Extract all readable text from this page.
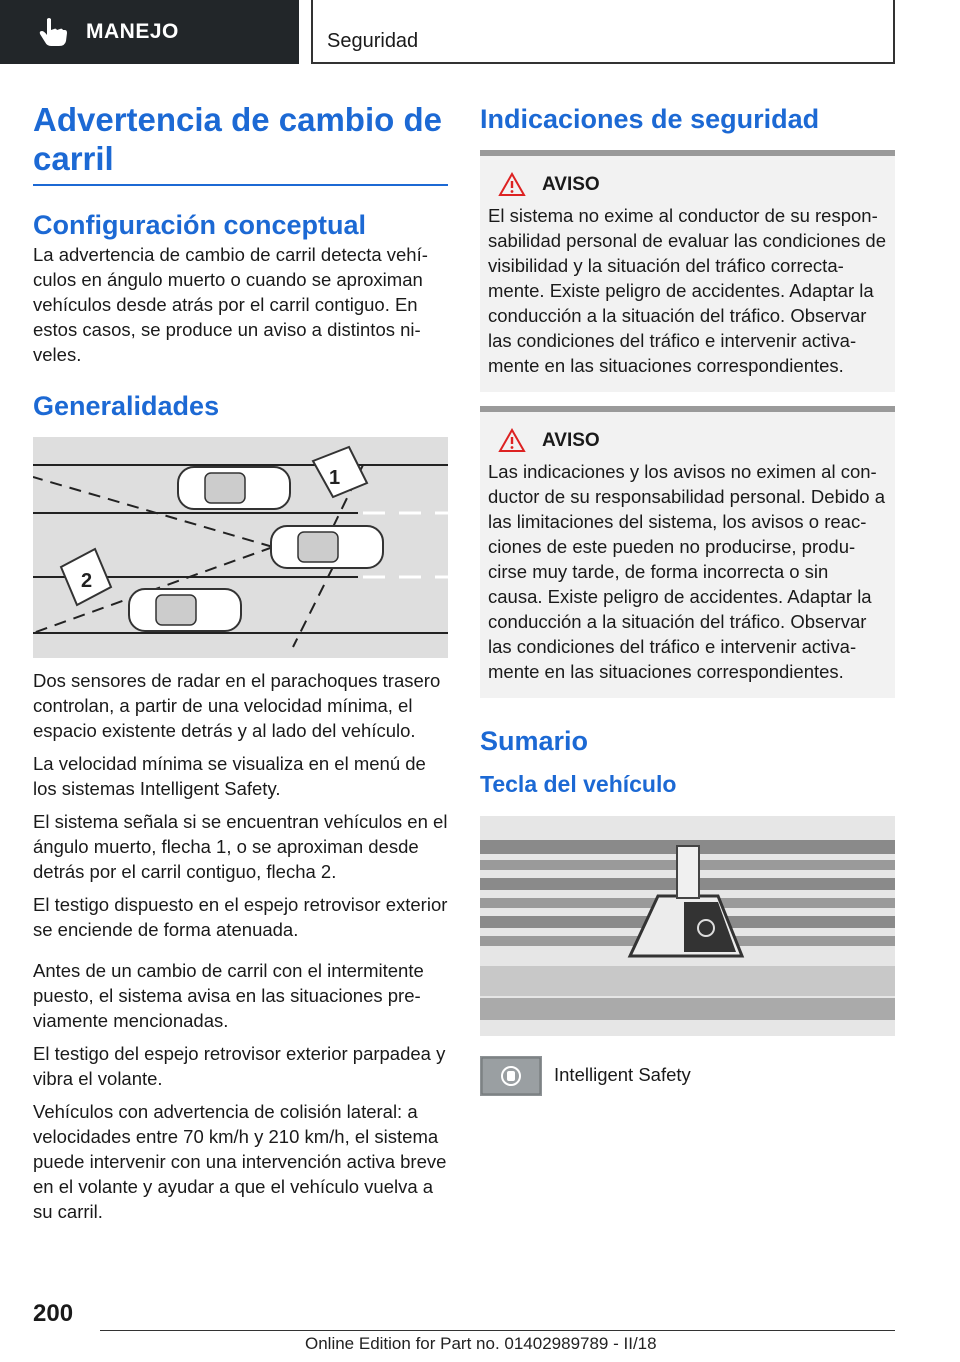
MANEJO	Seguridad
Advertencia de cambio de carril
Configuración conceptual

La advertencia de cambio de carril detecta vehículos en ángulo muerto o cuando se aproximan vehículos desde atrás por el carril contiguo. En estos casos, se produce un aviso a distintos niveles.

Generalidades
1
2

Dos sensores de radar en el parachoques trasero controlan, a partir de una velocidad mínima, el espacio existente detrás y al lado del vehículo.

La velocidad mínima se visualiza en el menú de los sistemas Intelligent Safety.

El sistema señala si se encuentran vehículos en el ángulo muerto, flecha 1, o se aproximan desde detrás por el carril contiguo, flecha 2.

El testigo dispuesto en el espejo retrovisor exterior se enciende de forma atenuada.

Antes de un cambio de carril con el intermitente puesto, el sistema avisa en las situaciones previamente mencionadas.

El testigo del espejo retrovisor exterior parpadea y vibra el volante.

Vehículos con advertencia de colisión lateral: a velocidades entre 70 km/h y 210 km/h, el sistema puede intervenir con una intervención activa breve en el volante y ayudar a que el vehículo vuelva a su carril.

Indicaciones de seguridad
AVISO

El sistema no exime al conductor de su responsabilidad personal de evaluar las condiciones de visibilidad y la situación del tráfico correctamente. Existe peligro de accidentes. Adaptar la conducción a la situación del tráfico. Observar las condiciones del tráfico e intervenir activamente en las situaciones correspondientes.

AVISO

Las indicaciones y los avisos no eximen al conductor de su responsabilidad personal. Debido a las limitaciones del sistema, los avisos o reacciones de este pueden no producirse, producirse muy tarde, de forma incorrecta o sin causa. Existe peligro de accidentes. Adaptar la conducción a la situación del tráfico. Observar las condiciones del tráfico e intervenir activamente en las situaciones correspondientes.

Sumario
Tecla del vehículo

Intelligent Safety

200
Online Edition for Part no. 01402989789 - II/18
